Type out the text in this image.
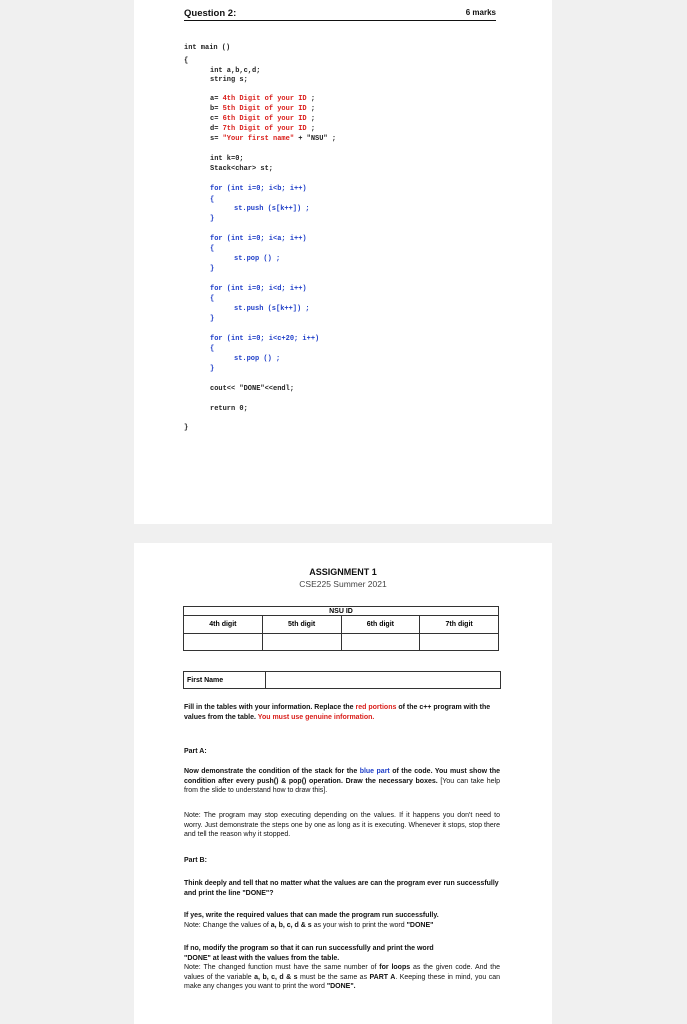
Question 2:	6 marks
int main ()
{
int a,b,c,d;
string s;
a= 4th Digit of your ID ;
b= 5th Digit of your ID ;
c= 6th Digit of your ID ;
d= 7th Digit of your ID ;
s= "Your first name" + "NSU" ;
int k=0;
Stack<char> st;
for (int i=0; i<b; i++)
{
st.push (s[k++]) ;
}
for (int i=0; i<a; i++)
{
st.pop () ;
}
for (int i=0; i<d; i++)
{
st.push (s[k++]) ;
}
for (int i=0; i<c+20; i++)
{
st.pop () ;
}
cout<< "DONE"<<endl;
return 0;
}
ASSIGNMENT 1
CSE225 Summer 2021
NSU ID			
4th digit	5th digit	6th digit	7th digit

First Name	
Fill in the tables with your information. Replace the red portions of the c++ program with the values from the table. You must use genuine information.
Part A:
Now demonstrate the condition of the stack for the blue part of the code. You must show the condition after every push() & pop() operation. Draw the necessary boxes. [You can take help from the slide to understand how to draw this].
Note: The program may stop executing depending on the values. If it happens you don't need to worry. Just demonstrate the steps one by one as long as it is executing. Whenever it stops, stop there and tell the reason why it stopped.
Part B:
Think deeply and tell that no matter what the values are can the program ever run successfully and print the line "DONE"?
If yes, write the required values that can made the program run successfully.
Note: Change the values of a, b, c, d & s as your wish to print the word "DONE"
If no, modify the program so that it can run successfully and print the word
"DONE" at least with the values from the table.
Note: The changed function must have the same number of for loops as the given code. And the values of the variable a, b, c, d & s must be the same as PART A. Keeping these in mind, you can make any changes you want to print the word "DONE".
